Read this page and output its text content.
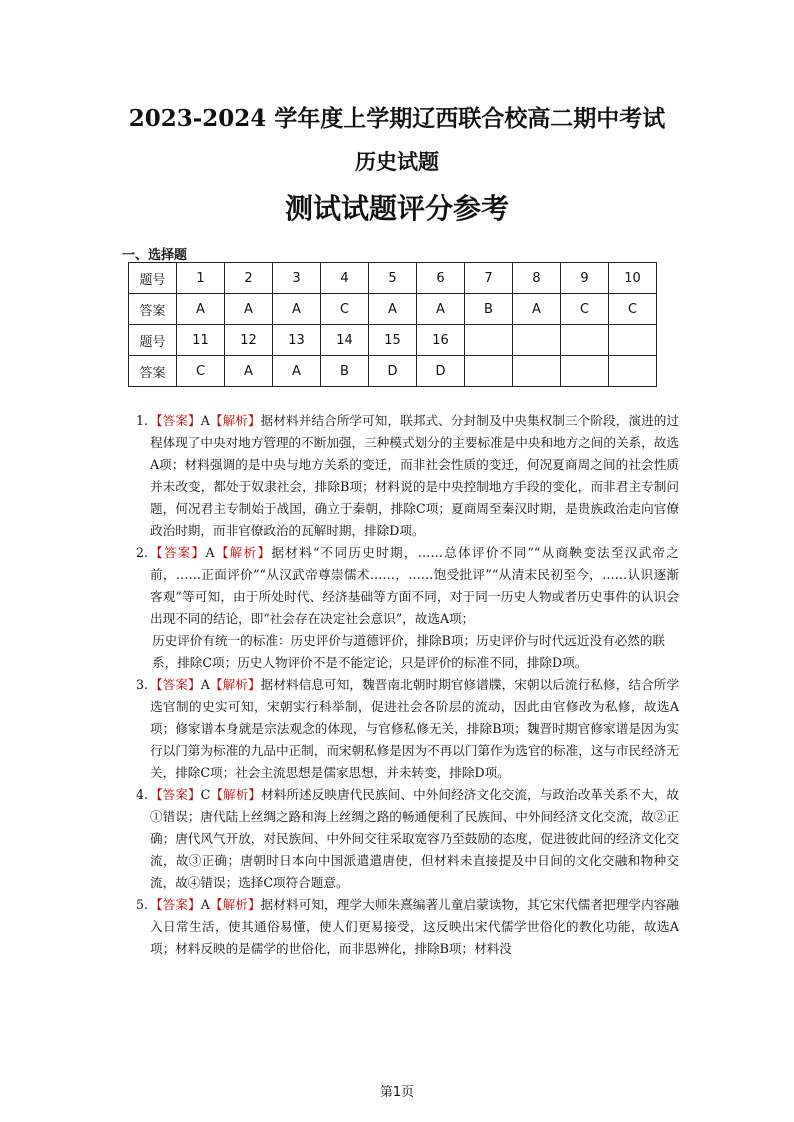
2023-2024 学年度上学期辽西联合校高二期中考试
历史试题
测试试题评分参考
一、选择题
题号	1	2	3	4	5	6	7	8	9	10
答案	A	A	A	C	A	A	B	A	C	C
题号	11	12	13	14	15	16				
答案	C	A	A	B	D	D				
1. 【答案】A【解析】据材料并结合所学可知，联邦式、分封制及中央集权制三个阶段，演进的过程体现了中央对地方管理的不断加强，三种模式划分的主要标准是中央和地方之间的关系，故选A项；材料强调的是中央与地方关系的变迁，而非社会性质的变迁，何况夏商周之间的社会性质并未改变，都处于奴隶社会，排除B项；材料说的是中央控制地方手段的变化，而非君主专制问题，何况君主专制始于战国，确立于秦朝，排除C项；夏商周至秦汉时期，是贵族政治走向官僚政治时期，而非官僚政治的瓦解时期，排除D项。
2. 【答案】A【解析】据材料“不同历史时期，……总体评价不同”“从商鞅变法至汉武帝之前，……正面评价”“从汉武帝尊崇儒术……，……饱受批评”“从清末民初至今，……认识逐渐客观”等可知，由于所处时代、经济基础等方面不同，对于同一历史人物或者历史事件的认识会出现不同的结论，即“社会存在决定社会意识”，故选A项；

历史评价有统一的标准：历史评价与道德评价，排除B项；历史评价与时代远近没有必然的联系，排除C项；历史人物评价不是不能定论，只是评价的标准不同，排除D项。

3. 【答案】A【解析】据材料信息可知，魏晋南北朝时期官修谱牒，宋朝以后流行私修，结合所学选官制的史实可知，宋朝实行科举制，促进社会各阶层的流动，因此由官修改为私修，故选A项；修家谱本身就是宗法观念的体现，与官修私修无关，排除B项；魏晋时期官修家谱是因为实行以门第为标准的九品中正制，而宋朝私修是因为不再以门第作为选官的标准，这与市民经济无关，排除C项；社会主流思想是儒家思想，并未转变，排除D项。
4. 【答案】C【解析】材料所述反映唐代民族间、中外间经济文化交流，与政治改革关系不大，故①错误；唐代陆上丝绸之路和海上丝绸之路的畅通便利了民族间、中外间经济文化交流，故②正确；唐代风气开放，对民族间、中外间交往采取宽容乃至鼓励的态度，促进彼此间的经济文化交流，故③正确；唐朝时日本向中国派遣遣唐使，但材料未直接提及中日间的文化交融和物种交流，故④错误；选择C项符合题意。
5. 【答案】A【解析】据材料可知，理学大师朱熹编著儿童启蒙读物，其它宋代儒者把理学内容融入日常生活，使其通俗易懂，使人们更易接受，这反映出宋代儒学世俗化的教化功能，故选A项；材料反映的是儒学的世俗化，而非思辨化，排除B项；材料没
第1页
